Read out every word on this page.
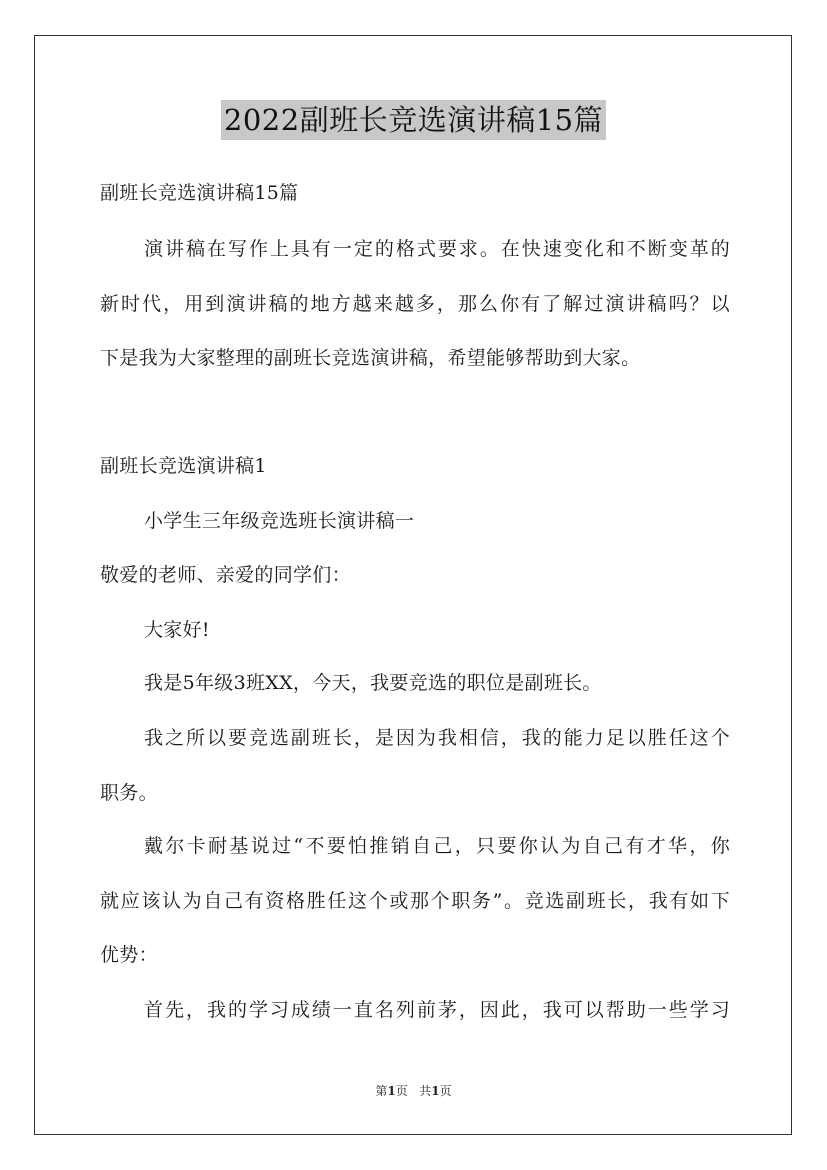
2022副班长竞选演讲稿15篇
副班长竞选演讲稿15篇
演讲稿在写作上具有一定的格式要求。在快速变化和不断变革的
新时代，用到演讲稿的地方越来越多，那么你有了解过演讲稿吗？以
下是我为大家整理的副班长竞选演讲稿，希望能够帮助到大家。
副班长竞选演讲稿1
小学生三年级竞选班长演讲稿一
敬爱的老师、亲爱的同学们：
大家好!
我是5年级3班XX，今天，我要竞选的职位是副班长。
我之所以要竞选副班长，是因为我相信，我的能力足以胜任这个
职务。
戴尔卡耐基说过“不要怕推销自己，只要你认为自己有才华，你
就应该认为自己有资格胜任这个或那个职务”。竞选副班长，我有如下
优势：
首先，我的学习成绩一直名列前茅，因此，我可以帮助一些学习
第1页 共1页
